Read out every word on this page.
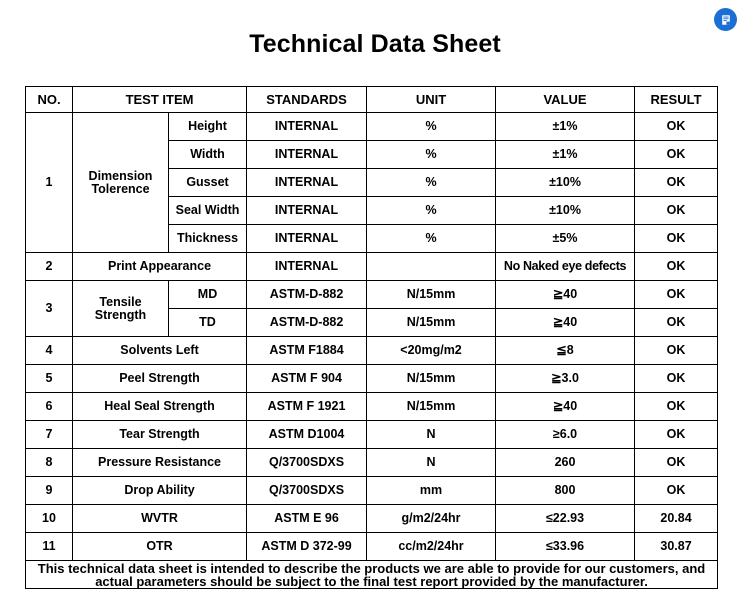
Technical Data Sheet
NO.	TEST ITEM		STANDARDS	UNIT	VALUE	RESULT
1	Dimension Tolerence	Height	INTERNAL	%	±1%	OK
		Width	INTERNAL	%	±1%	OK
		Gusset	INTERNAL	%	±10%	OK
		Seal Width	INTERNAL	%	±10%	OK
		Thickness	INTERNAL	%	±5%	OK
2	Print Appearance		INTERNAL		No Naked eye defects	OK
3	Tensile Strength	MD	ASTM-D-882	N/15mm	≧40	OK
		TD	ASTM-D-882	N/15mm	≧40	OK
4	Solvents Left		ASTM F1884	<20mg/m2	≦8	OK
5	Peel Strength		ASTM F 904	N/15mm	≧3.0	OK
6	Heal Seal Strength		ASTM F 1921	N/15mm	≧40	OK
7	Tear Strength		ASTM D1004	N	≥6.0	OK
8	Pressure Resistance		Q/3700SDXS	N	260	OK
9	Drop Ability		Q/3700SDXS	mm	800	OK
10	WVTR		ASTM E 96	g/m2/24hr	≤22.93	20.84
11	OTR		ASTM D 372-99	cc/m2/24hr	≤33.96	30.87

This technical data sheet is intended to describe the products we are able to provide for our customers, and
actual parameters should be subject to the final test report provided by the manufacturer.						
